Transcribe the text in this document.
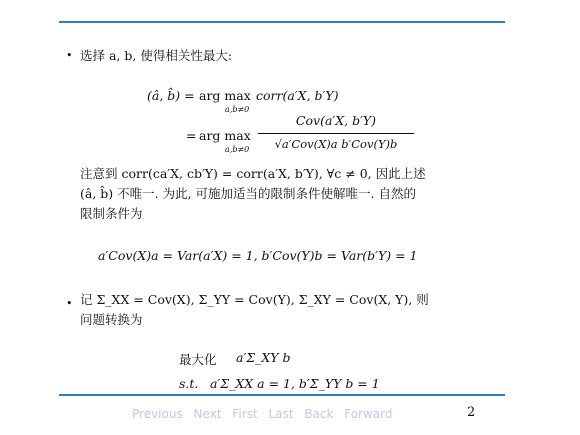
• 选择 a, b, 使得相关性最大:
(â, b̂) = arg max
a,b≠0
corr(a′X, b′Y)
= arg max
a,b≠0
Cov(a′X, b′Y)
√a′Cov(X)a b′Cov(Y)b
注意到 corr(ca′X, cb′Y) = corr(a′X, b′Y), ∀c ≠ 0, 因此上述
(â, b̂) 不唯一. 为此, 可施加适当的限制条件使解唯一. 自然的
限制条件为
a′Cov(X)a = Var(a′X) = 1, b′Cov(Y)b = Var(b′Y) = 1
• 记 Σ_XX = Cov(X), Σ_YY = Cov(Y), Σ_XY = Cov(X, Y), 则
问题转换为
最大化 a′Σ_XY b
s.t. a′Σ_XX a = 1, b′Σ_YY b = 1
Previous Next First Last Back Forward	2
